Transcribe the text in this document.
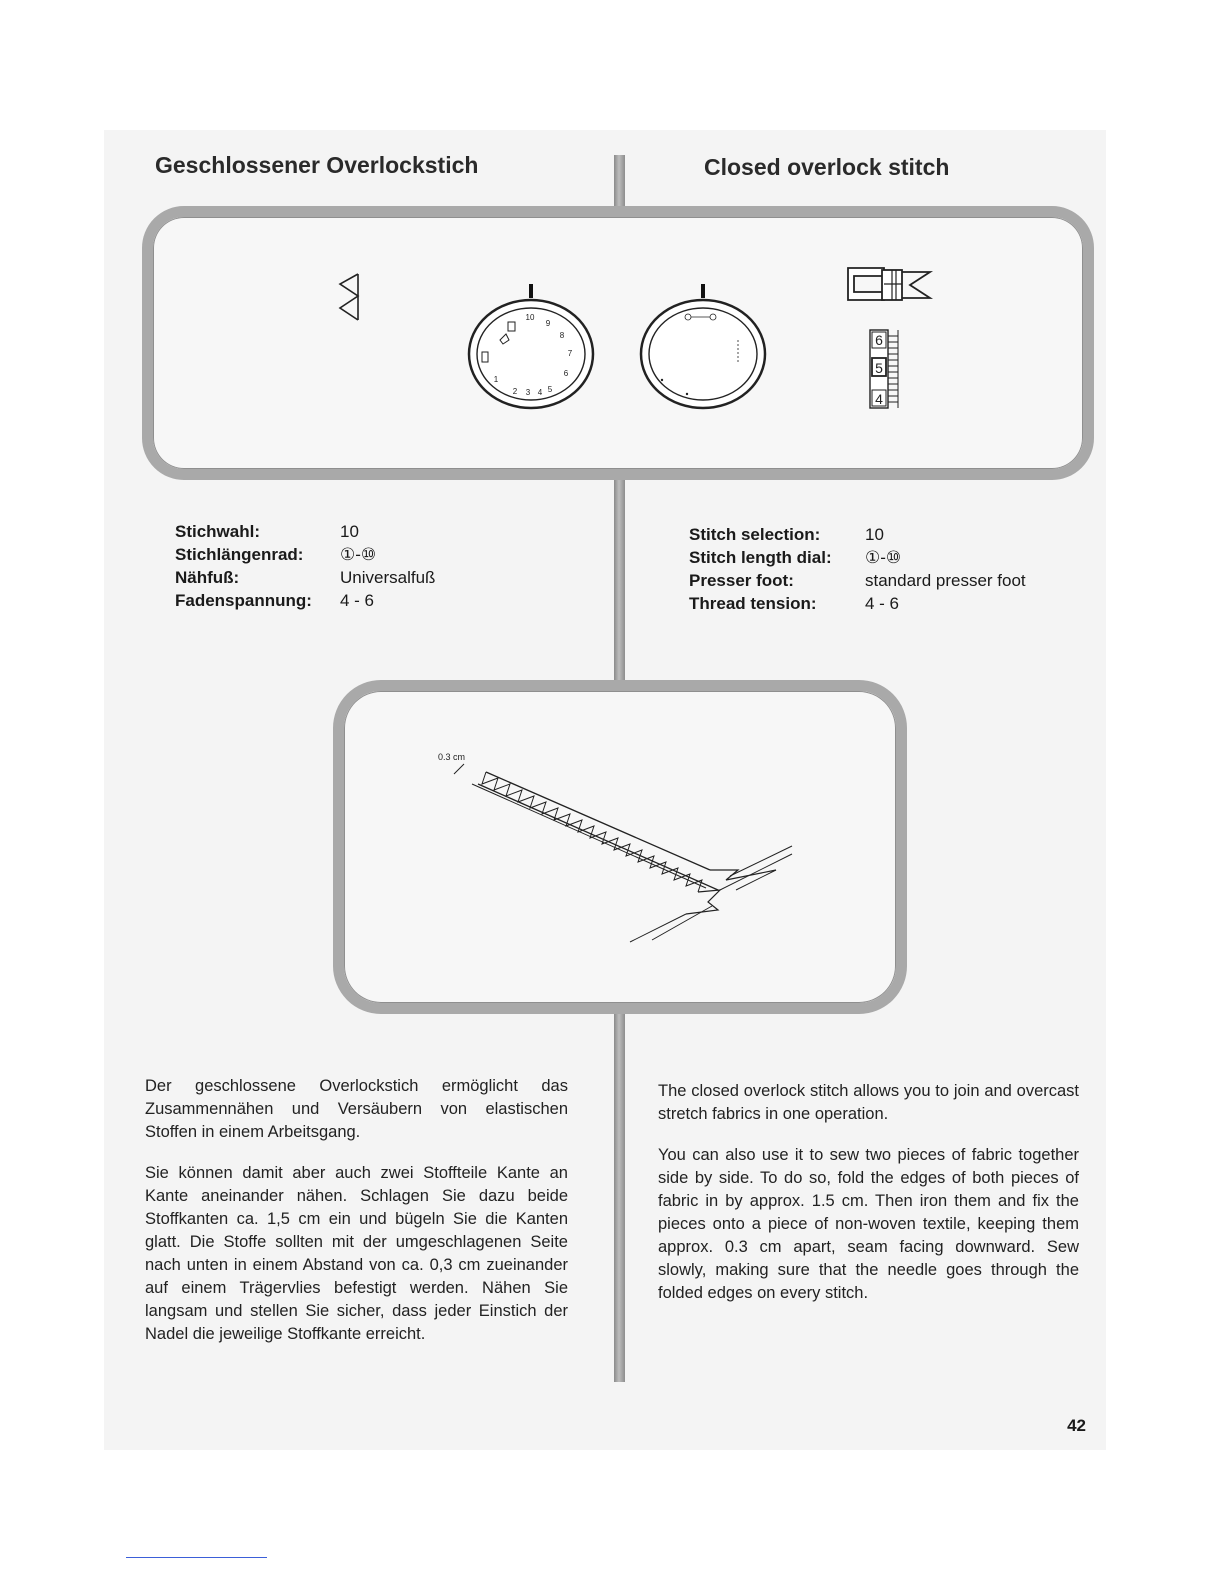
Geschlossener Overlockstich	Closed overlock stitch
10
9
8
7
6
5
4
3
2
1
6
5
4
Stichwahl:	10
Stichlängenrad:	①-⑩
Nähfuß:	Universalfuß
Fadenspannung:	4 - 6
Stitch selection:	10
Stitch length dial:	①-⑩
Presser foot:	standard presser foot
Thread tension:	4 - 6
0.3 cm

Der geschlossene Overlockstich ermöglicht das Zusammennähen und Versäubern von elastischen Stoffen in einem Arbeitsgang.

Sie können damit aber auch zwei Stoffteile Kante an Kante aneinander nähen. Schlagen Sie dazu beide Stoffkanten ca. 1,5 cm ein und bügeln Sie die Kanten glatt. Die Stoffe sollten mit der umgeschlagenen Seite nach unten in einem Abstand von ca. 0,3 cm zueinander auf einem Trägervlies befestigt werden. Nähen Sie langsam und stellen Sie sicher, dass jeder Einstich der Nadel die jeweilige Stoffkante erreicht.

The closed overlock stitch allows you to join and overcast stretch fabrics in one operation.

You can also use it to sew two pieces of fabric together side by side. To do so, fold the edges of both pieces of fabric in by approx. 1.5 cm. Then iron them and fix the pieces onto a piece of non-woven textile, keeping them approx. 0.3 cm apart, seam facing downward. Sew slowly, making sure that the needle goes through the folded edges on every stitch.

42
